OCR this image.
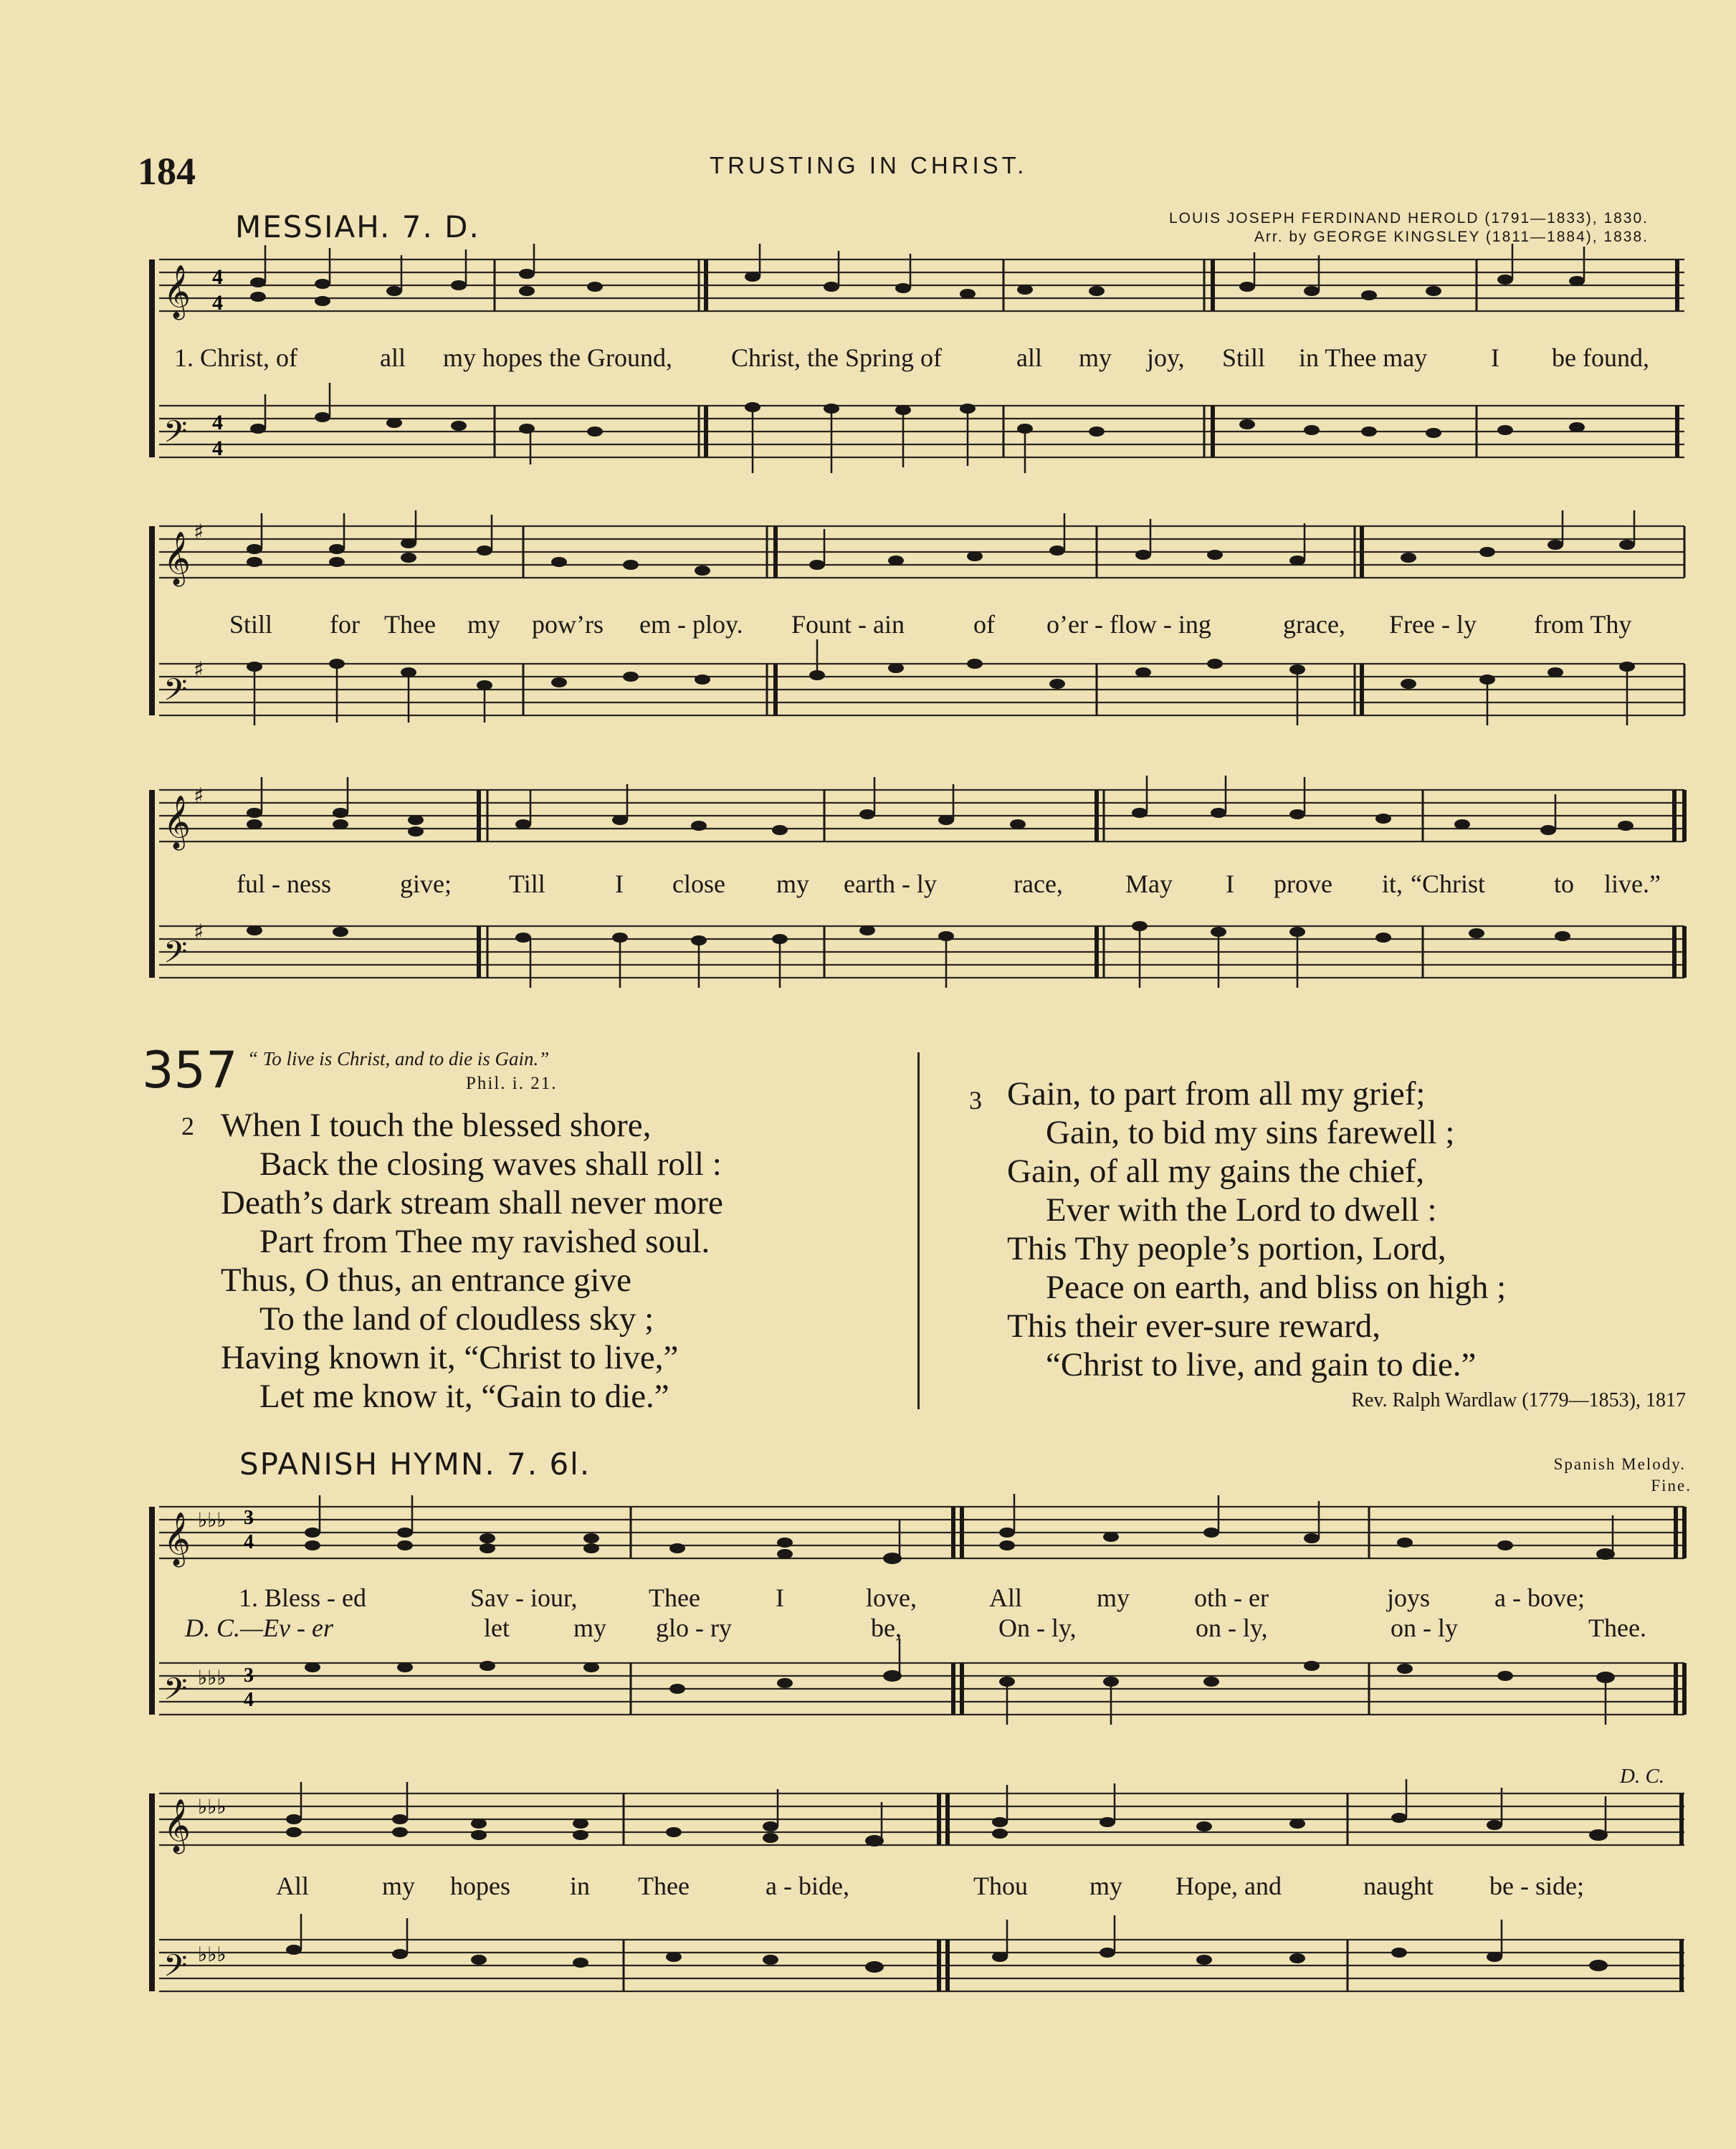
184	TRUSTING IN CHRIST.
MESSIAH. 7. D.	LOUIS JOSEPH FERDINAND HEROLD (1791—1833), 1830.
Arr. by GEORGE KINGSLEY (1811—1884), 1838.
𝄞
𝄢
4
4
4
4
1. Christ, of	all my hopes the Ground, Christ, the Spring of	all my joy, Still in Thee may I be found,
𝄞
𝄢
♯
♯
Still for Thee my pow’rs em - ploy. Fount - ain	of o’er - flow - ing	grace, Free - ly from Thy
𝄞
𝄢
♯
♯
ful - ness	give; Till	I close my earth - ly	race, May I prove it, “Christ	to live.”
357 “ To live is Christ, and to die is Gain.”
Phil. i. 21.
2 When I touch the blessed shore,
Back the closing waves shall roll :
Death’s dark stream shall never more
Part from Thee my ravished soul.
Thus, O thus, an entrance give
To the land of cloudless sky ;
Having known it, “Christ to live,”
Let me know it, “Gain to die.”
3 Gain, to part from all my grief;
Gain, to bid my sins farewell ;
Gain, of all my gains the chief,
Ever with the Lord to dwell :
This Thy people’s portion, Lord,
Peace on earth, and bliss on high ;
This their ever-sure reward,
“Christ to live, and gain to die.”
Rev. Ralph Wardlaw (1779—1853), 1817
SPANISH HYMN. 7. 6l.	Spanish Melody.
Fine.
𝄞
𝄢
♭♭♭
♭♭♭
3
4
3
4
1. Bless - ed	Sav - iour,	Thee	I	love,	All	my oth - er	joys a - bove;
D. C.—Ev - er	let my glo - ry	be,	On - ly,	on - ly,	on - ly	Thee.
D. C.
𝄞
𝄢
♭♭♭
♭♭♭
All	my hopes in Thee	a - bide,	Thou my Hope, and	naught be - side;
